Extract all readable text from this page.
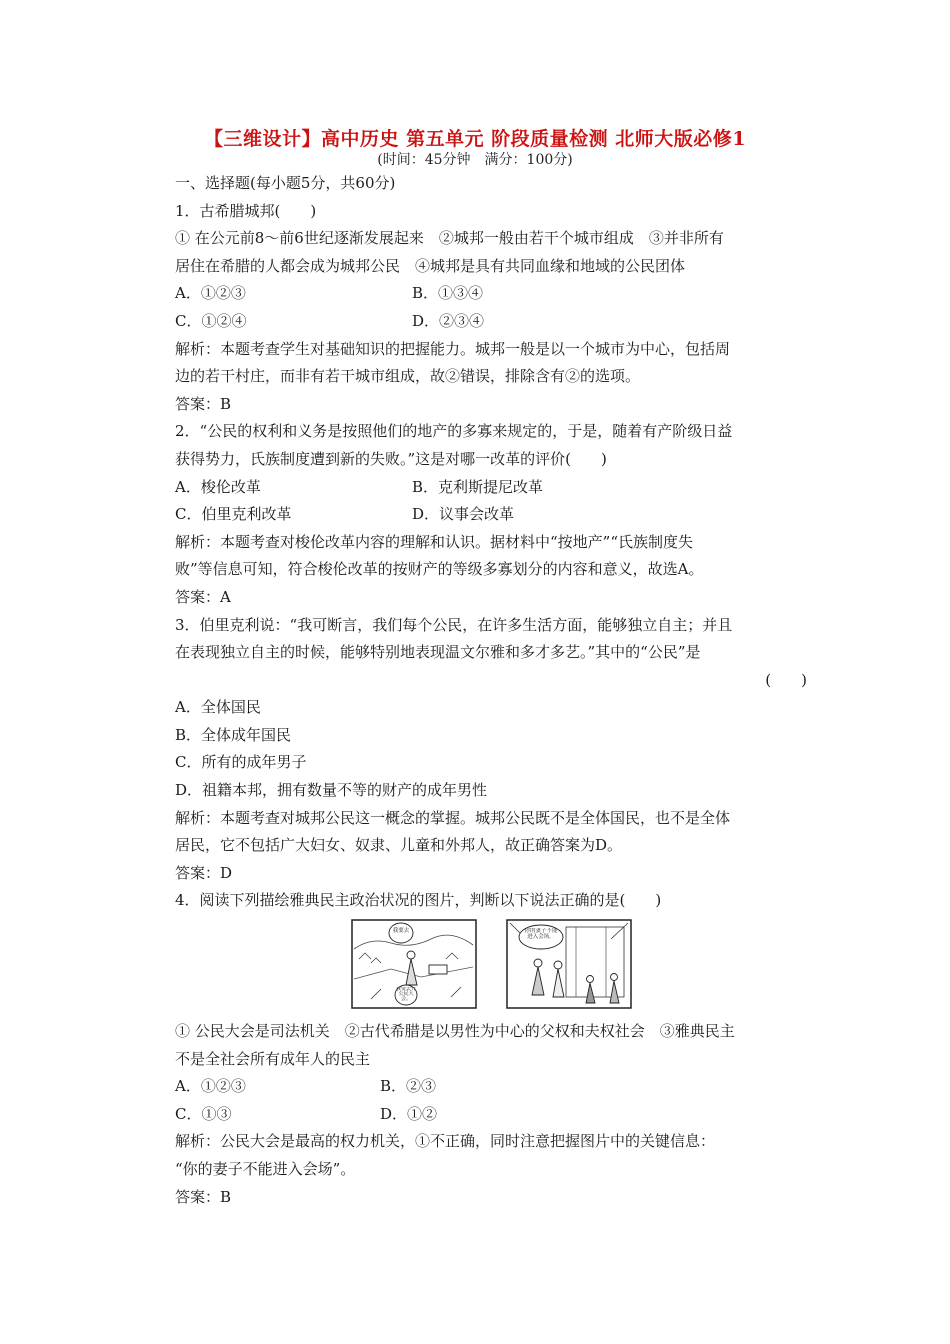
【三维设计】高中历史 第五单元 阶段质量检测 北师大版必修1
(时间：45分钟　满分：100分)
一、选择题(每小题5分，共60分)
1．古希腊城邦(　　)
① 在公元前8～前6世纪逐渐发展起来　②城邦一般由若干个城市组成　③并非所有
居住在希腊的人都会成为城邦公民　④城邦是具有共同血缘和地域的公民团体
A．①②③	B．①③④
C．①②④	D．②③④
解析：本题考查学生对基础知识的把握能力。城邦一般是以一个城市为中心，包括周
边的若干村庄，而非有若干城市组成，故②错误，排除含有②的选项。
答案：B
2．“公民的权利和义务是按照他们的地产的多寡来规定的，于是，随着有产阶级日益
获得势力，氏族制度遭到新的失败。”这是对哪一改革的评价(　　)
A．梭伦改革	B．克利斯提尼改革
C．伯里克利改革	D．议事会改革
解析：本题考查对梭伦改革内容的理解和认识。据材料中“按地产”“氏族制度失
败”等信息可知，符合梭伦改革的按财产的等级多寡划分的内容和意义，故选A。
答案：A
3．伯里克利说：“我可断言，我们每个公民，在许多生活方面，能够独立自主；并且
在表现独立自主的时候，能够特别地表现温文尔雅和多才多艺。”其中的“公民”是
(　　)
A．全体国民
B．全体成年国民
C．所有的成年男子
D．祖籍本邦，拥有数量不等的财产的成年男性
解析：本题考查对城邦公民这一概念的掌握。城邦公民既不是全体国民，也不是全体
居民，它不包括广大妇女、奴隶、儿童和外邦人，故正确答案为D。
答案：D
4．阅读下列描绘雅典民主政治状况的图片，判断以下说法正确的是(　　)
我要去
我要去开公民大会。
你的妻子不能进入会场。
① 公民大会是司法机关　②古代希腊是以男性为中心的父权和夫权社会　③雅典民主
不是全社会所有成年人的民主
A．①②③	B．②③
C．①③	D．①②
解析：公民大会是最高的权力机关，①不正确，同时注意把握图片中的关键信息：
“你的妻子不能进入会场”。
答案：B
